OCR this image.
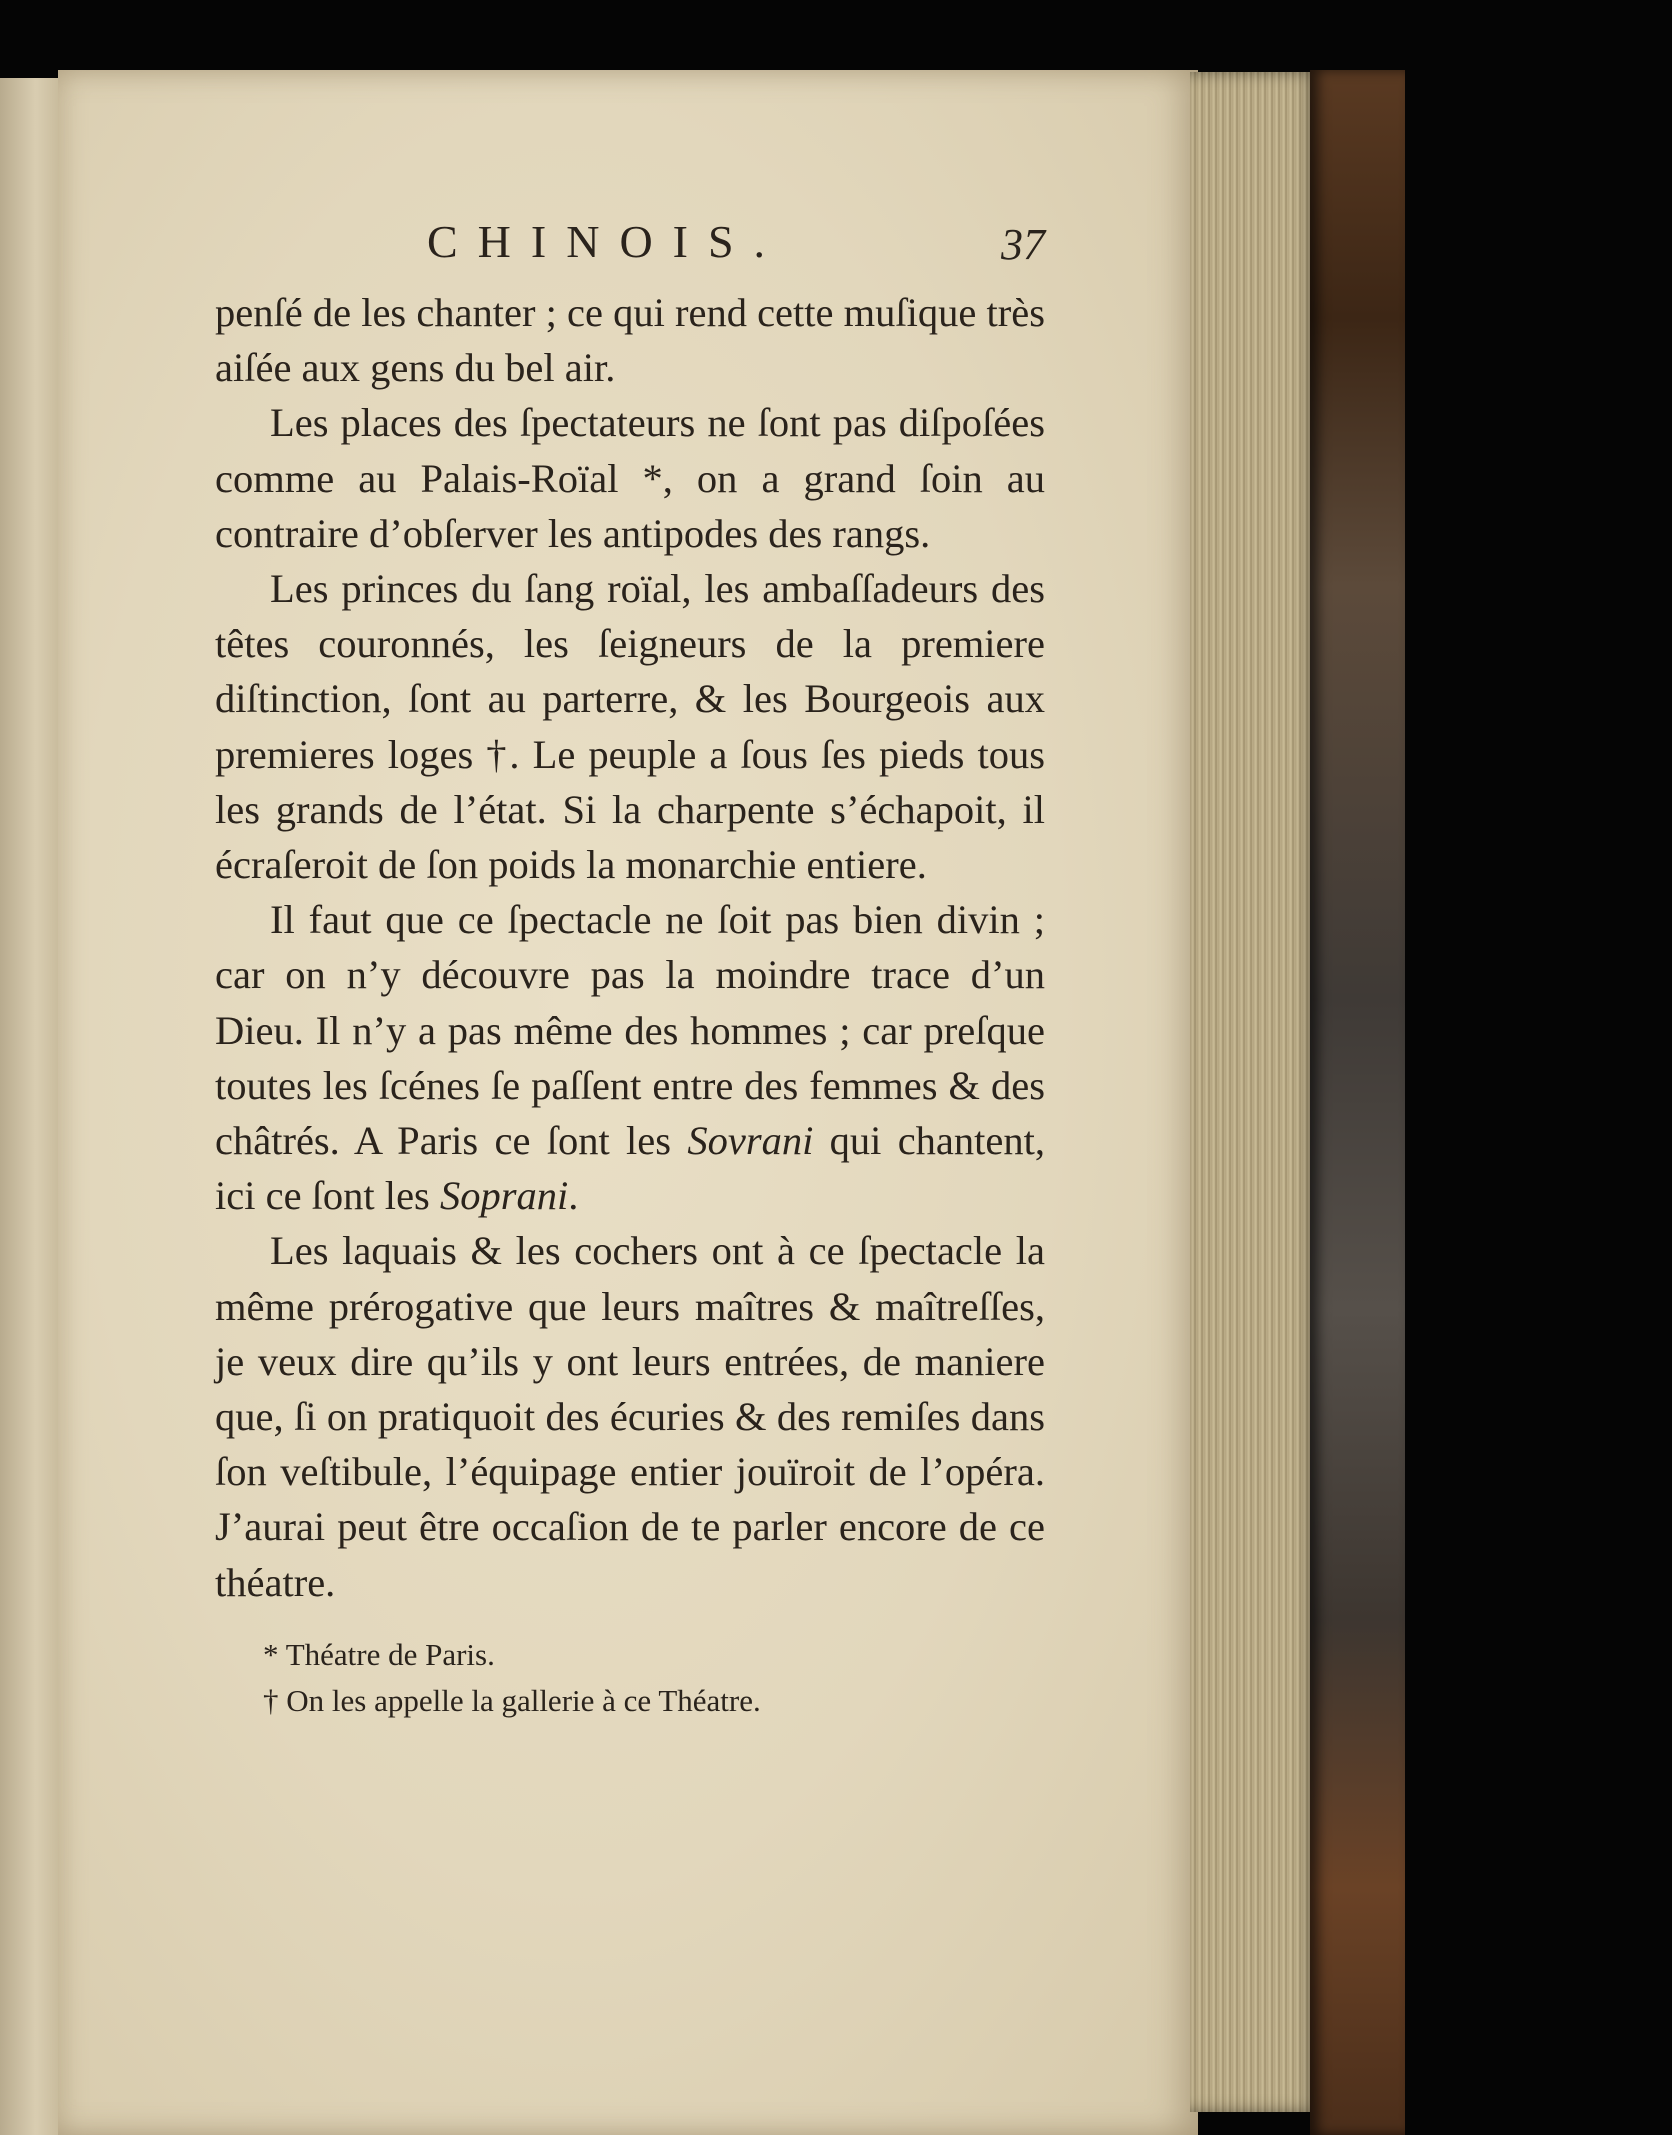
CHINOIS.	37

penſé de les chanter ; ce qui rend cette muſique très aiſée aux gens du bel air.

Les places des ſpectateurs ne ſont pas diſpoſées comme au Palais-Roïal *, on a grand ſoin au contraire d’obſerver les antipodes des rangs.

Les princes du ſang roïal, les ambaſſadeurs des têtes couronnés, les ſeigneurs de la premiere diſtinction, ſont au parterre, & les Bourgeois aux premieres loges †. Le peuple a ſous ſes pieds tous les grands de l’état. Si la charpente s’échapoit, il écraſeroit de ſon poids la monarchie entiere.

Il faut que ce ſpectacle ne ſoit pas bien divin ; car on n’y découvre pas la moindre trace d’un Dieu. Il n’y a pas même des hommes ; car preſque toutes les ſcénes ſe paſſent entre des femmes & des châtrés. A Paris ce ſont les Sovrani qui chantent, ici ce ſont les Soprani.

Les laquais & les cochers ont à ce ſpectacle la même prérogative que leurs maîtres & maîtreſſes, je veux dire qu’ils y ont leurs entrées, de maniere que, ſi on pratiquoit des écuries & des remiſes dans ſon veſtibule, l’équipage entier jouïroit de l’opéra. J’aurai peut être occaſion de te parler encore de ce théatre.

* Théatre de Paris.

† On les appelle la gallerie à ce Théatre.
